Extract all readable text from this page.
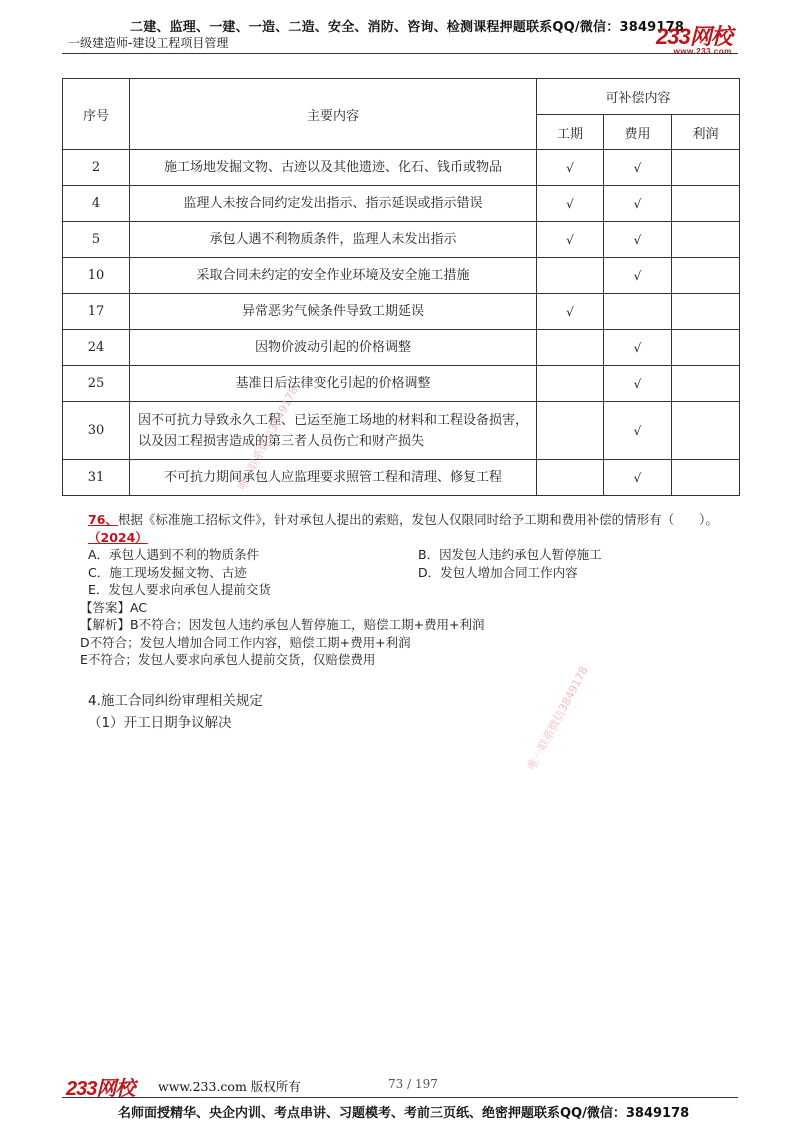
二建、监理、一建、一造、二造、安全、消防、咨询、检测课程押题联系QQ/微信：3849178
一级建造师-建设工程项目管理	233网校
www.233.com
序号	主要内容	可补偿内容		
		工期	费用	利润
2	施工场地发掘文物、古迹以及其他遗迹、化石、钱币或物品	√	√	
4	监理人未按合同约定发出指示、指示延误或指示错误	√	√	
5	承包人遇不利物质条件，监理人未发出指示	√	√	
10	采取合同未约定的安全作业环境及安全施工措施		√	
17	异常恶劣气候条件导致工期延误	√		
24	因物价波动引起的价格调整		√	
25	基准日后法律变化引起的价格调整		√	
30	因不可抗力导致永久工程、已运至施工场地的材料和工程设备损害，以及因工程损害造成的第三者人员伤亡和财产损失		√	
31	不可抗力期间承包人应监理要求照管工程和清理、修复工程		√	
76、根据《标准施工招标文件》，针对承包人提出的索赔，发包人仅限同时给予工期和费用补偿的情形有（　　）。（2024）
A．承包人遇到不利的物质条件	B．因发包人违约承包人暂停施工
C．施工现场发掘文物、古迹	D．发包人增加合同工作内容
E．发包人要求向承包人提前交货
【答案】AC
【解析】B不符合；因发包人违约承包人暂停施工，赔偿工期+费用+利润
D不符合；发包人增加合同工作内容，赔偿工期+费用+利润
E不符合；发包人要求向承包人提前交货，仅赔偿费用
4.施工合同纠纷审理相关规定
（1）开工日期争议解决
唯一联系微信3849178
唯一联系微信3849178
233网校 www.233.com 版权所有	73 / 197
名师面授精华、央企内训、考点串讲、习题模考、考前三页纸、绝密押题联系QQ/微信：3849178
